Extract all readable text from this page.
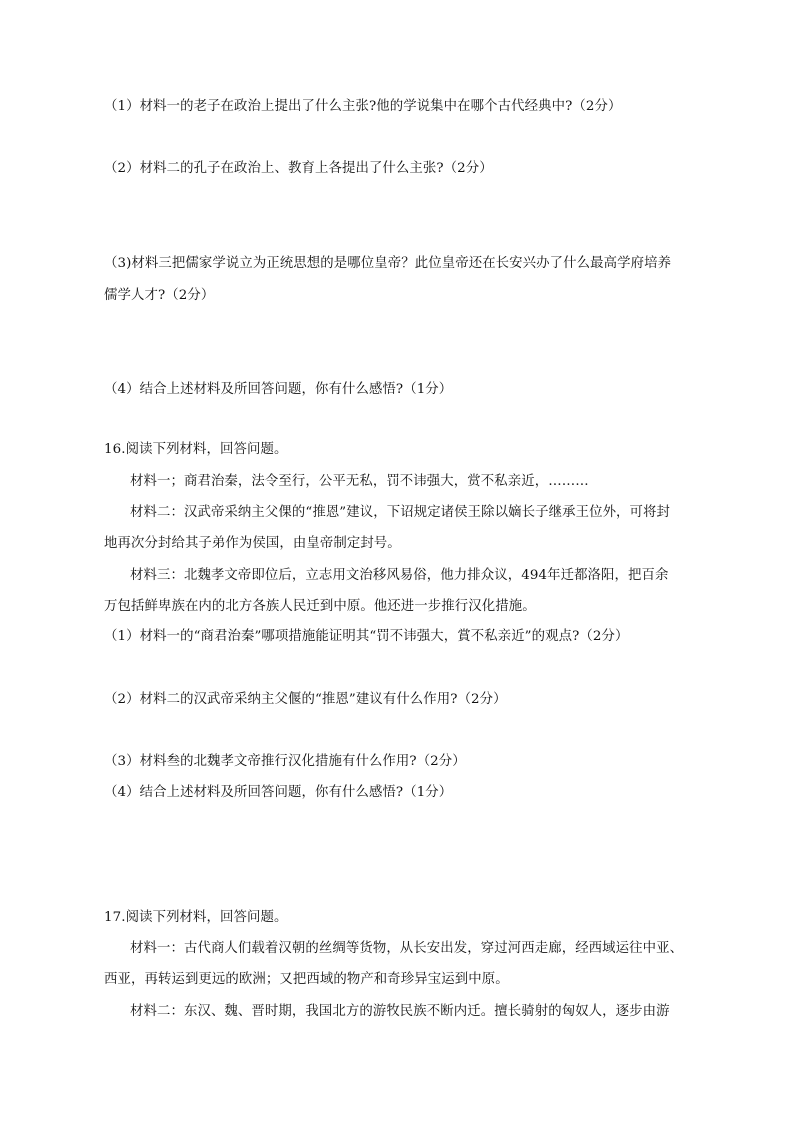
（1）材料一的老子在政治上提出了什么主张?他的学说集中在哪个古代经典中?（2分）
（2）材料二的孔子在政治上、教育上各提出了什么主张?（2分）
（3)材料三把儒家学说立为正统思想的是哪位皇帝？此位皇帝还在长安兴办了什么最高学府培养
儒学人才?（2分）
（4）结合上述材料及所回答问题，你有什么感悟?（1分）
16.阅读下列材料，回答问题。
材料一；商君治秦，法令至行，公平无私，罚不讳强大，赏不私亲近，………
材料二：汉武帝采纳主父倮的“推恩”建议，下诏规定诸侯王除以嫡长子继承王位外，可将封
地再次分封给其子弟作为侯国，由皇帝制定封号。
材料三：北魏孝文帝即位后，立志用文治移风易俗，他力排众议，494年迁都洛阳，把百余
万包括鲜卑族在内的北方各族人民迁到中原。他还进一步推行汉化措施。
（1）材料一的“商君治秦”哪项措施能证明其“罚不讳强大，賞不私亲近”的观点?（2分）
（2）材料二的汉武帝采纳主父偃的“推恩”建议有什么作用?（2分）
（3）材料叁的北魏孝文帝推行汉化措施有什么作用?（2分）
（4）结合上述材料及所回答问题，你有什么感悟?（1分）
17.阅读下列材料，回答问题。
材料一：古代商人们载着汉朝的丝绸等货物，从长安出发，穿过河西走廊，经西域运往中亚、
西亚，再转运到更远的欧洲；又把西域的物产和奇珍异宝运到中原。
材料二：东汉、魏、晋时期，我国北方的游牧民族不断内迁。擅长骑射的匈奴人，逐步由游
